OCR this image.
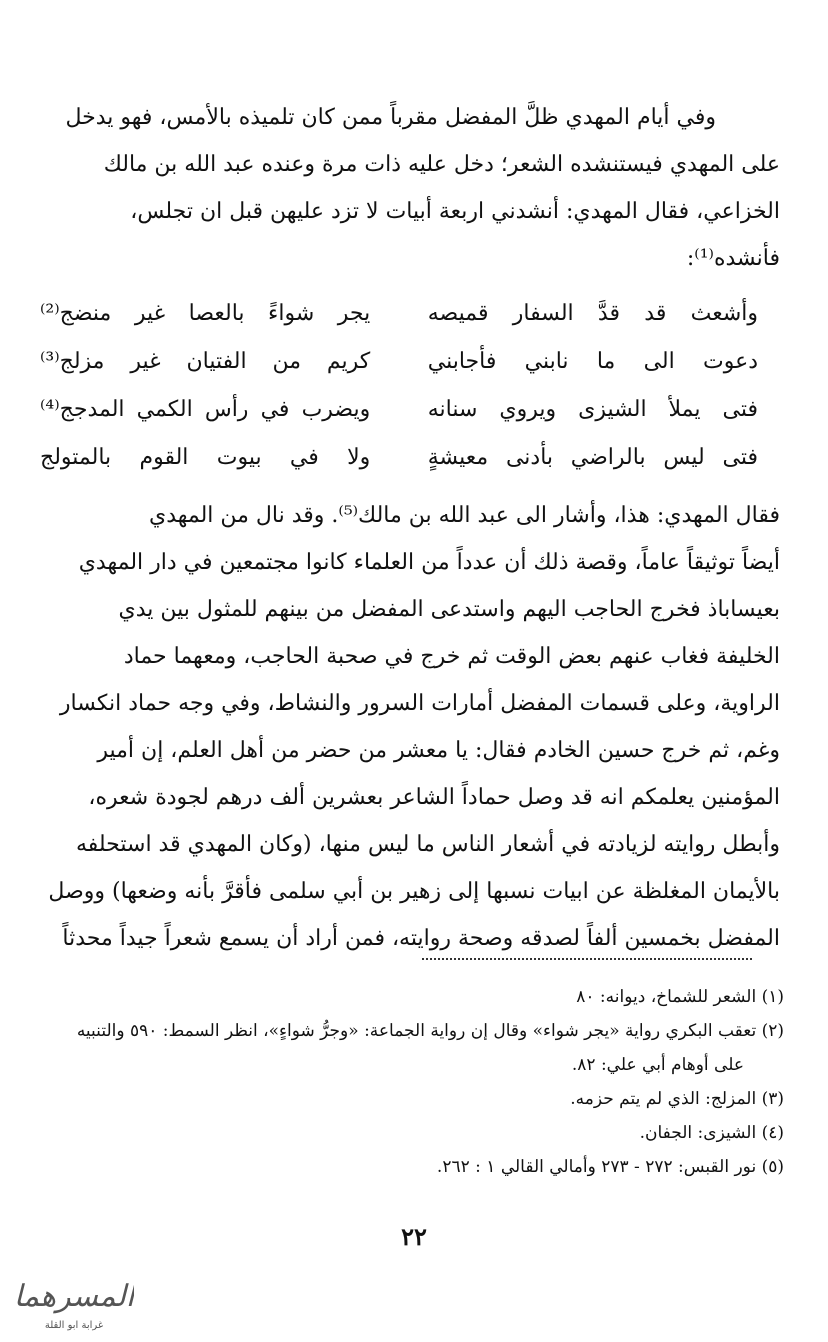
وفي أيام المهدي ظلَّ المفضل مقرباً ممن كان تلميذه بالأمس، فهو يدخل
على المهدي فيستنشده الشعر؛ دخل عليه ذات مرة وعنده عبد الله بن مالك
الخزاعي، فقال المهدي: أنشدني اربعة أبيات لا تزد عليهن قبل ان تجلس،
فأنشده⁽¹⁾:
وأشعث قد قدَّ السفار قميصه
يجر شواءً بالعصا غير منضج⁽²⁾
دعوت الى ما نابني فأجابني
كريم من الفتيان غير مزلج⁽³⁾
فتى يملأ الشيزى ويروي سنانه
ويضرب في رأس الكمي المدجج⁽⁴⁾
فتى ليس بالراضي بأدنى معيشةٍ
ولا في بيوت القوم بالمتولج
فقال المهدي: هذا، وأشار الى عبد الله بن مالك⁽⁵⁾. وقد نال من المهدي
أيضاً توثيقاً عاماً، وقصة ذلك أن عدداً من العلماء كانوا مجتمعين في دار المهدي
بعيساباذ فخرج الحاجب اليهم واستدعى المفضل من بينهم للمثول بين يدي
الخليفة فغاب عنهم بعض الوقت ثم خرج في صحبة الحاجب، ومعهما حماد
الراوية، وعلى قسمات المفضل أمارات السرور والنشاط، وفي وجه حماد انكسار
وغم، ثم خرج حسين الخادم فقال: يا معشر من حضر من أهل العلم، إن أمير
المؤمنين يعلمكم انه قد وصل حماداً الشاعر بعشرين ألف درهم لجودة شعره،
وأبطل روايته لزيادته في أشعار الناس ما ليس منها، (وكان المهدي قد استحلفه
بالأيمان المغلظة عن ابيات نسبها إلى زهير بن أبي سلمى فأقرَّ بأنه وضعها) ووصل
المفضل بخمسين ألفاً لصدقه وصحة روايته، فمن أراد أن يسمع شعراً جيداً محدثاً
(١) الشعر للشماخ، ديوانه: ٨٠
(٢) تعقب البكري رواية «يجر شواء» وقال إن رواية الجماعة: «وجرُّ شواءٍ»، انظر السمط: ٥٩٠ والتنبيه
على أوهام أبي علي: ٨٢.
(٣) المزلج: الذي لم يتم حزمه.
(٤) الشيزى: الجفان.
(٥) نور القبس: ٢٧٢ - ٢٧٣ وأمالي القالي ١ : ٢٦٢.
٢٢
المسرهما
غرابة ابو القلة
